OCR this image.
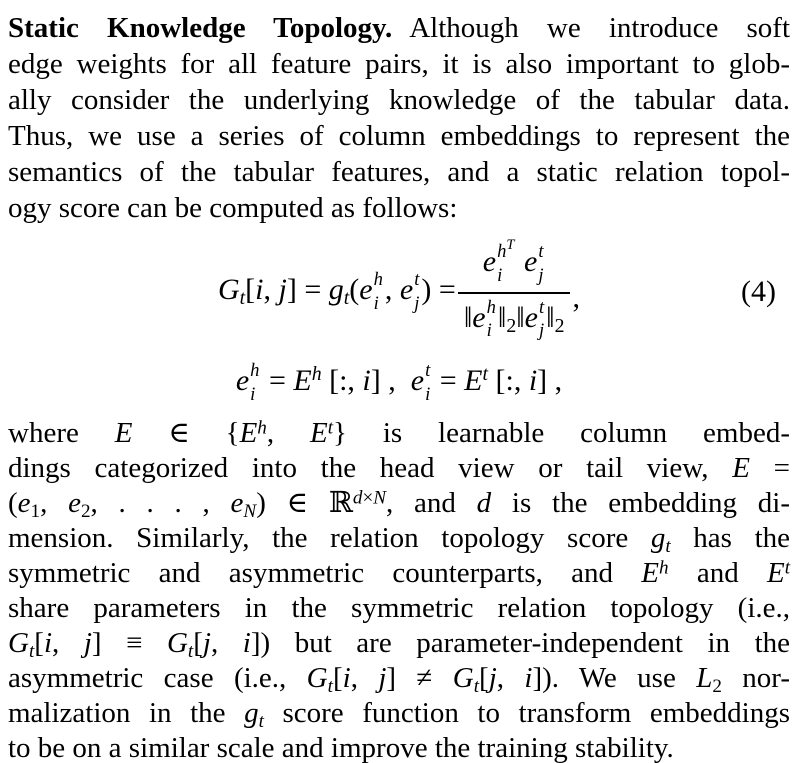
Static Knowledge Topology. Although we introduce soft
edge weights for all feature pairs, it is also important to glob-
ally consider the underlying knowledge of the tabular data.
Thus, we use a series of column embeddings to represent the
semantics of the tabular features, and a static relation topol-
ogy score can be computed as follows:
$G_t[i$, $j] = g_t(e$ h
i , e t
j ) = e $h^T$
i e t
j
‖e h
i $‖_2‖e$ t
j $‖_2$ ,	(4)
e h
$i = E^h$ [:, i] ,  e t
$i = E^t$ [:, i] ,
where E ∈ {$E^h$, $E^t$} is learnable column embed-
dings categorized into the head view or tail view, E =
($e_1$, $e_2$, . . . , $e_N$) ∈ ℝ$^{d\times N}$, and d is the embedding di-
mension. Similarly, the relation topology score $g_t$ has the
symmetric and asymmetric counterparts, and $E^h$ and $E^t$
share parameters in the symmetric relation topology (i.e.,
$G_t[i$, $j] \equiv G_t[j$, i]) but are parameter-independent in the
asymmetric case (i.e., $G_t[i$, $j] \ne G_t[j$, i]). We use $L_2$ nor-
malization in the $g_t$ score function to transform embeddings
to be on a similar scale and improve the training stability.
